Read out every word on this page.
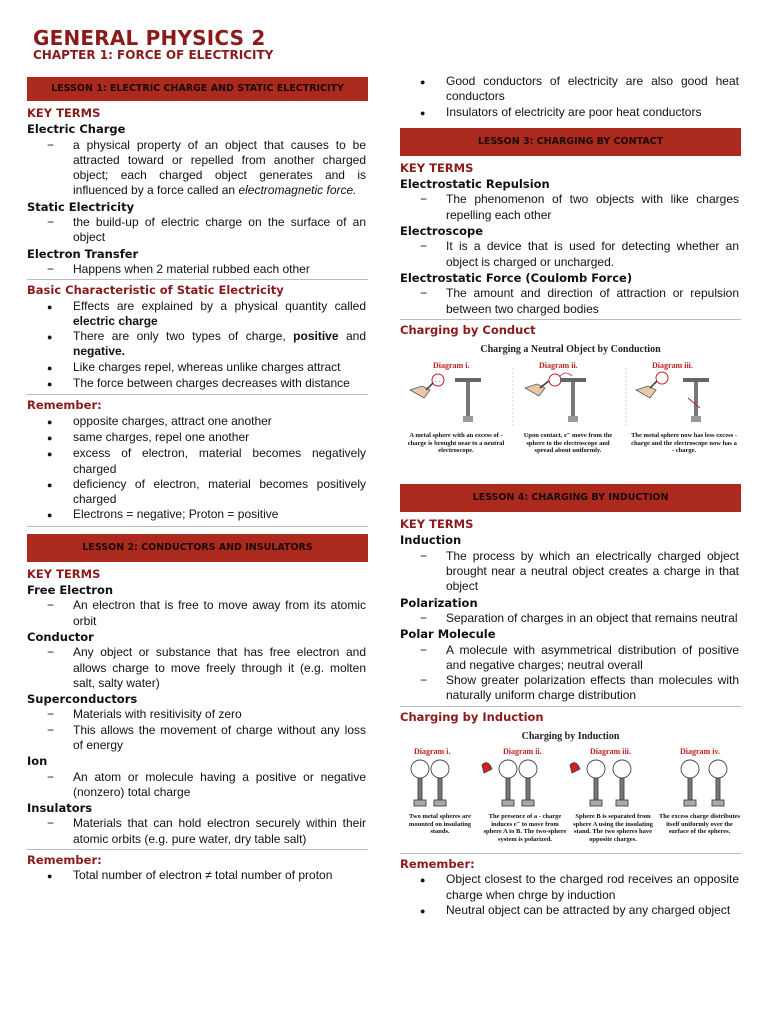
GENERAL PHYSICS 2
CHAPTER 1: FORCE OF ELECTRICITY
LESSON 1: ELECTRIC CHARGE AND STATIC ELECTRICITY
KEY TERMS
Electric Charge
−	a physical property of an object that causes to be attracted toward or repelled from another charged object; each charged object generates and is influenced by a force called an electromagnetic force.
Static Electricity
−	the build-up of electric charge on the surface of an object
Electron Transfer
−	Happens when 2 material rubbed each other
Basic Characteristic of Static Electricity
●	Effects are explained by a physical quantity called electric charge
●	There are only two types of charge, positive and negative.
●	Like charges repel, whereas unlike charges attract
●	The force between charges decreases with distance
Remember:
●	opposite charges, attract one another
●	same charges, repel one another
●	excess of electron, material becomes negatively charged
●	deficiency of electron, material becomes positively charged
●	Electrons = negative; Proton = positive
LESSON 2: CONDUCTORS AND INSULATORS
KEY TERMS
Free Electron
−	An electron that is free to move away from its atomic orbit
Conductor
−	Any object or substance that has free electron and allows charge to move freely through it (e.g. molten salt, salty water)
Superconductors
−	Materials with resitivisity of zero
−	This allows the movement of charge without any loss of energy
Ion
−	An atom or molecule having a positive or negative (nonzero) total charge
Insulators
−	Materials that can hold electron securely within their atomic orbits (e.g. pure water, dry table salt)
Remember:
●	Total number of electron ≠ total number of proton
●	Good conductors of electricity are also good heat conductors
●	Insulators of electricity are poor heat conductors
LESSON 3: CHARGING BY CONTACT
KEY TERMS
Electrostatic Repulsion
−	The phenomenon of two objects with like charges repelling each other
Electroscope
−	It is a device that is used for detecting whether an object is charged or uncharged.
Electrostatic Force (Coulomb Force)
−	The amount and direction of attraction or repulsion between two charged bodies
Charging by Conduct
Charging a Neutral Object by Conduction
Diagram i.	Diagram ii.	Diagram iii.
- -
A metal sphere with an excess of - charge is brought near to a neutral electroscope.
Upon contact, e⁻ move from the sphere to the electroscope and spread about uniformly.
The metal sphere now has less excess - charge and the electroscope now has a - charge.
LESSON 4: CHARGING BY INDUCTION
KEY TERMS
Induction
−	The process by which an electrically charged object brought near a neutral object creates a charge in that object
Polarization
−	Separation of charges in an object that remains neutral
Polar Molecule
−	A molecule with asymmetrical distribution of positive and negative charges; neutral overall
−	Show greater polarization effects than molecules with naturally uniform charge distribution
Charging by Induction
Charging by Induction
Diagram i.	Diagram ii.	Diagram iii.	Diagram iv.
Two metal spheres are mounted on insulating stands.
The presence of a - charge induces e⁻ to move from sphere A to B. The two-sphere system is polarized.
Sphere B is separated from sphere A using the insulating stand. The two spheres have opposite charges.
The excess charge distributes itself uniformly over the surface of the spheres.
Remember:
●	Object closest to the charged rod receives an opposite charge when chrge by induction
●	Neutral object can be attracted by any charged object
